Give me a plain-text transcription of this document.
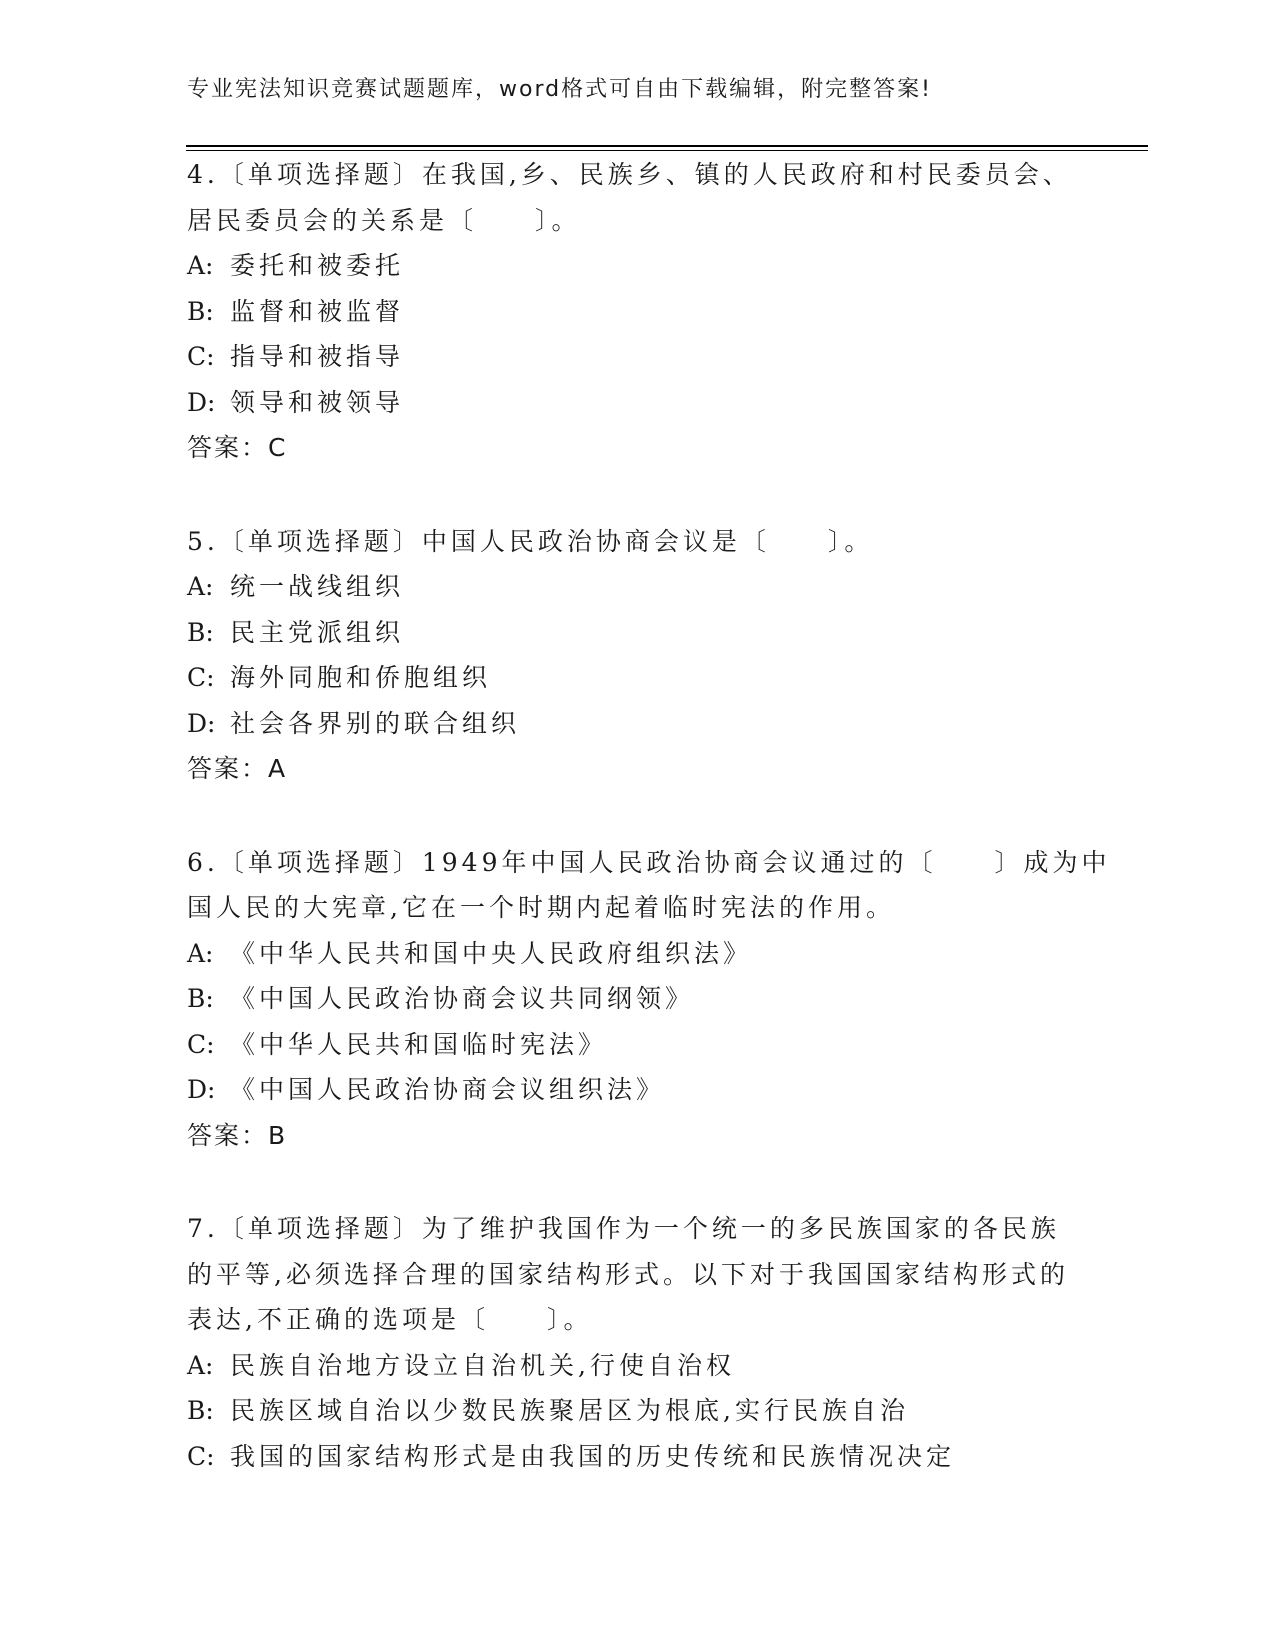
专业宪法知识竞赛试题题库，word格式可自由下载编辑，附完整答案!
4.〔单项选择题〕在我国,乡、民族乡、镇的人民政府和村民委员会、
居民委员会的关系是〔　　〕。
A: 委托和被委托
B: 监督和被监督
C: 指导和被指导
D: 领导和被领导
答案：C
5.〔单项选择题〕中国人民政治协商会议是〔　　〕。
A: 统一战线组织
B: 民主党派组织
C: 海外同胞和侨胞组织
D: 社会各界别的联合组织
答案：A
6.〔单项选择题〕1949年中国人民政治协商会议通过的〔　　〕成为中
国人民的大宪章,它在一个时期内起着临时宪法的作用。
A: 《中华人民共和国中央人民政府组织法》
B: 《中国人民政治协商会议共同纲领》
C: 《中华人民共和国临时宪法》
D: 《中国人民政治协商会议组织法》
答案：B
7.〔单项选择题〕为了维护我国作为一个统一的多民族国家的各民族
的平等,必须选择合理的国家结构形式。以下对于我国国家结构形式的
表达,不正确的选项是〔　　〕。
A: 民族自治地方设立自治机关,行使自治权
B: 民族区域自治以少数民族聚居区为根底,实行民族自治
C: 我国的国家结构形式是由我国的历史传统和民族情况决定
